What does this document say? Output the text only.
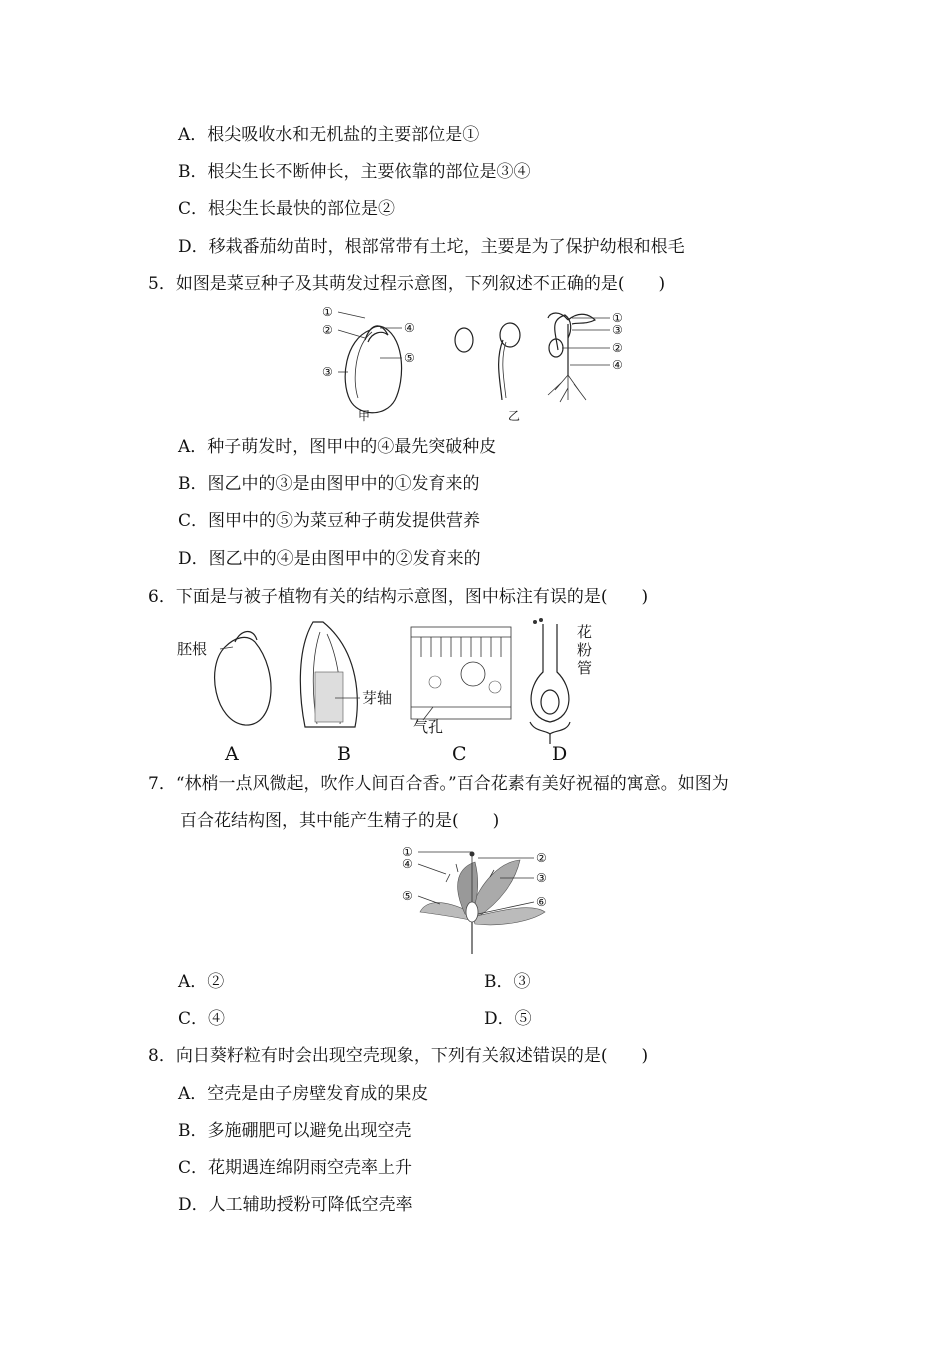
A．根尖吸收水和无机盐的主要部位是①
B．根尖生长不断伸长，主要依靠的部位是③④
C．根尖生长最快的部位是②
D．移栽番茄幼苗时，根部常带有土坨，主要是为了保护幼根和根毛
5．如图是菜豆种子及其萌发过程示意图，下列叙述不正确的是(　　)
①
②
③
④
⑤
甲
①
③
②
④
乙
A．种子萌发时，图甲中的④最先突破种皮
B．图乙中的③是由图甲中的①发育来的
C．图甲中的⑤为菜豆种子萌发提供营养
D．图乙中的④是由图甲中的②发育来的
6．下面是与被子植物有关的结构示意图，图中标注有误的是(　　)
胚根
A
芽轴
B
气孔
C
花
粉
管
D
7．“林梢一点风微起，吹作人间百合香。”百合花素有美好祝福的寓意。如图为
百合花结构图，其中能产生精子的是(　　)
①
④
⑤
②
③
⑥
A．②	B．③
C．④	D．⑤
8．向日葵籽粒有时会出现空壳现象，下列有关叙述错误的是(　　)
A．空壳是由子房壁发育成的果皮
B．多施硼肥可以避免出现空壳
C．花期遇连绵阴雨空壳率上升
D．人工辅助授粉可降低空壳率
